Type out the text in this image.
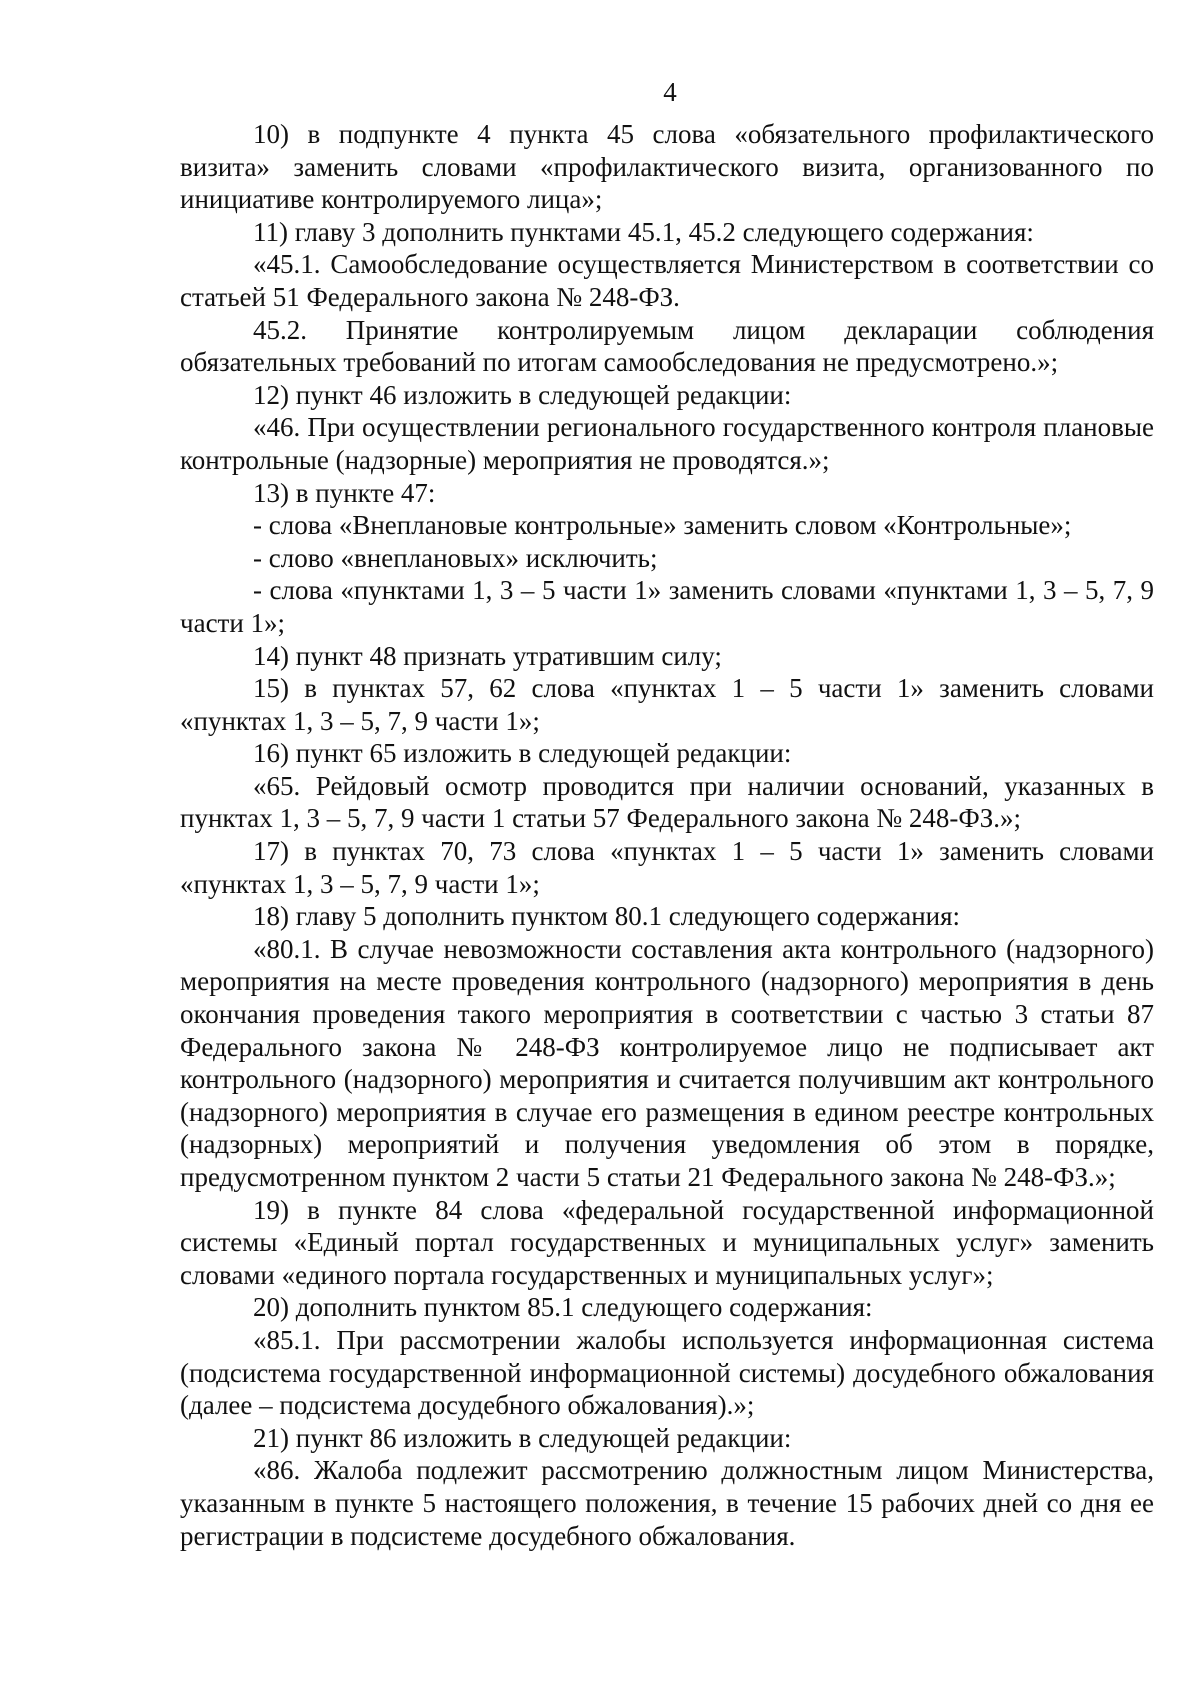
4

10) в подпункте 4 пункта 45 слова «обязательного профилактического визита» заменить словами «профилактического визита, организованного по инициативе контролируемого лица»;

11) главу 3 дополнить пунктами 45.1, 45.2 следующего содержания:

«45.1. Самообследование осуществляется Министерством в соответствии со статьей 51 Федерального закона № 248-ФЗ.

45.2. Принятие контролируемым лицом декларации соблюдения обязательных требований по итогам самообследования не предусмотрено.»;

12) пункт 46 изложить в следующей редакции:

«46. При осуществлении регионального государственного контроля плановые контрольные (надзорные) мероприятия не проводятся.»;

13) в пункте 47:

- слова «Внеплановые контрольные» заменить словом «Контрольные»;

- слово «внеплановых» исключить;

- слова «пунктами 1, 3 – 5 части 1» заменить словами «пунктами 1, 3 – 5, 7, 9 части 1»;

14) пункт 48 признать утратившим силу;

15) в пунктах 57, 62 слова «пунктах 1 – 5 части 1» заменить словами «пунктах 1, 3 – 5, 7, 9 части 1»;

16) пункт 65 изложить в следующей редакции:

«65. Рейдовый осмотр проводится при наличии оснований, указанных в пунктах 1, 3 – 5, 7, 9 части 1 статьи 57 Федерального закона № 248-ФЗ.»;

17) в пунктах 70, 73 слова «пунктах 1 – 5 части 1» заменить словами «пунктах 1, 3 – 5, 7, 9 части 1»;

18) главу 5 дополнить пунктом 80.1 следующего содержания:

«80.1. В случае невозможности составления акта контрольного (надзорного) мероприятия на месте проведения контрольного (надзорного) мероприятия в день окончания проведения такого мероприятия в соответствии с частью 3 статьи 87 Федерального закона № 248-ФЗ контролируемое лицо не подписывает акт контрольного (надзорного) мероприятия и считается получившим акт контрольного (надзорного) мероприятия в случае его размещения в едином реестре контрольных (надзорных) мероприятий и получения уведомления об этом в порядке, предусмотренном пунктом 2 части 5 статьи 21 Федерального закона № 248-ФЗ.»;

19) в пункте 84 слова «федеральной государственной информационной системы «Единый портал государственных и муниципальных услуг» заменить словами «единого портала государственных и муниципальных услуг»;

20) дополнить пунктом 85.1 следующего содержания:

«85.1. При рассмотрении жалобы используется информационная система (подсистема государственной информационной системы) досудебного обжалования (далее – подсистема досудебного обжалования).»;

21) пункт 86 изложить в следующей редакции:

«86. Жалоба подлежит рассмотрению должностным лицом Министерства, указанным в пункте 5 настоящего положения, в течение 15 рабочих дней со дня ее регистрации в подсистеме досудебного обжалования.
